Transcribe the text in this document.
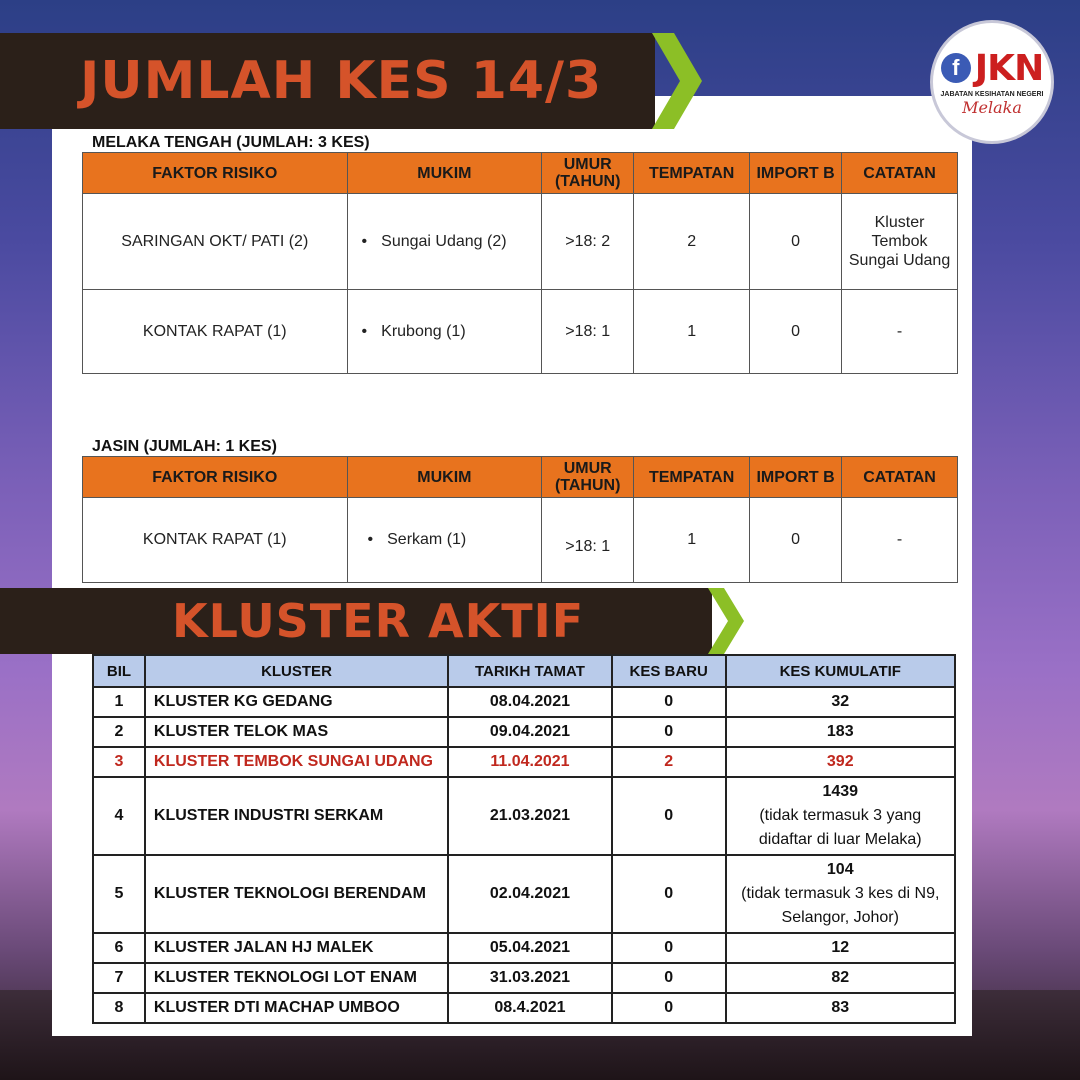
JUMLAH KES 14/3	f JKN
JABATAN KESIHATAN NEGERI
Melaka
MELAKA TENGAH (JUMLAH: 3 KES)
FAKTOR RISIKO	MUKIM	UMUR (TAHUN)	TEMPATAN	IMPORT B	CATATAN
SARINGAN OKT/ PATI (2)	• Sungai Udang (2)	>18: 2	2	0	Kluster Tembok Sungai Udang
KONTAK RAPAT (1)	• Krubong (1)	>18: 1	1	0	-
JASIN (JUMLAH: 1 KES)
FAKTOR RISIKO	MUKIM	UMUR (TAHUN)	TEMPATAN	IMPORT B	CATATAN
KONTAK RAPAT (1)	• Serkam (1)	>18: 1	1	0	-
KLUSTER AKTIF
BIL	KLUSTER	TARIKH TAMAT	KES BARU	KES KUMULATIF
1	KLUSTER KG GEDANG	08.04.2021	0	32
2	KLUSTER TELOK MAS	09.04.2021	0	183
3	KLUSTER TEMBOK SUNGAI UDANG	11.04.2021	2	392
4	KLUSTER INDUSTRI SERKAM	21.03.2021	0	1439
(tidak termasuk 3 yang didaftar di luar Melaka)

5	KLUSTER TEKNOLOGI BERENDAM	02.04.2021	0	104
(tidak termasuk 3 kes di N9, Selangor, Johor)

6	KLUSTER JALAN HJ MALEK	05.04.2021	0	12
7	KLUSTER TEKNOLOGI LOT ENAM	31.03.2021	0	82
8	KLUSTER DTI MACHAP UMBOO	08.4.2021	0	83
